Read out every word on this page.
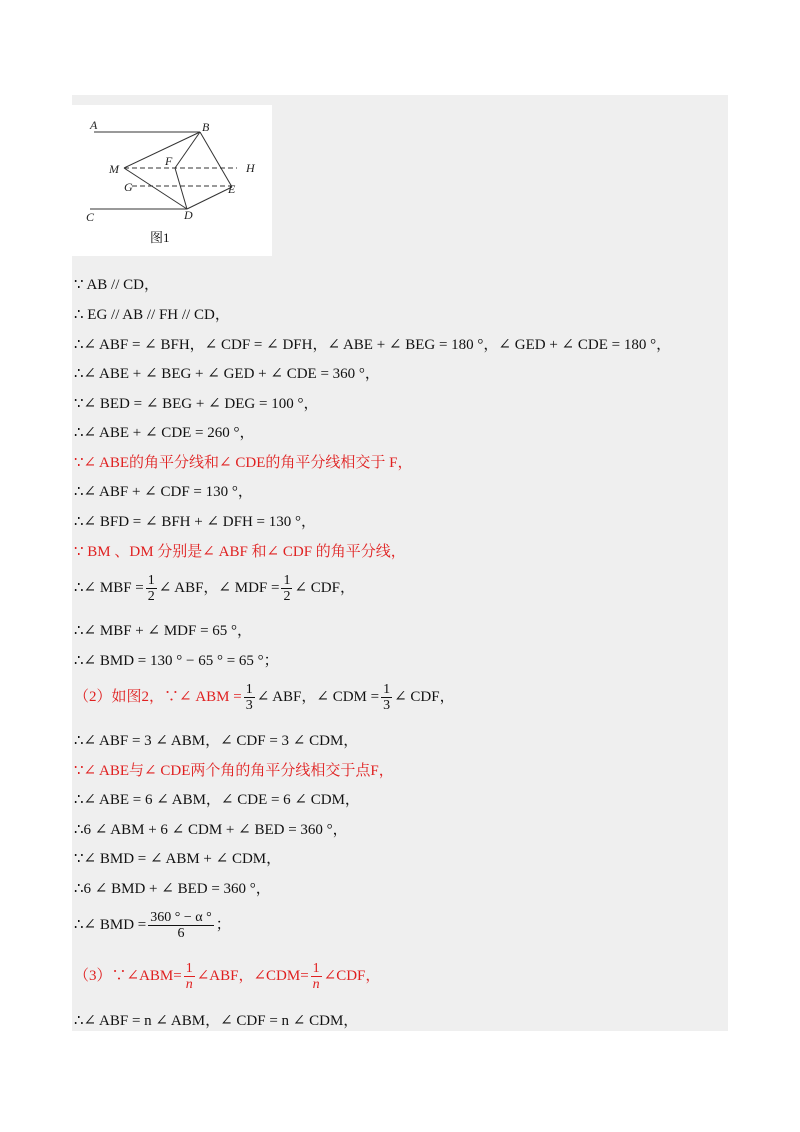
A	B
M
F	H
G	E
C	D
图1
∵ AB // CD，
∴ EG // AB // FH // CD，
∴∠ ABF = ∠ BFH，∠ CDF = ∠ DFH，∠ ABE + ∠ BEG = 180 °，∠ GED + ∠ CDE = 180 °，
∴∠ ABE + ∠ BEG + ∠ GED + ∠ CDE = 360 °，
∵∠ BED = ∠ BEG + ∠ DEG = 100 °，
∴∠ ABE + ∠ CDE = 260 °，
∵∠ ABE的角平分线和∠ CDE的角平分线相交于 F，
∴∠ ABF + ∠ CDF = 130 °，
∴∠ BFD = ∠ BFH + ∠ DFH = 130 °，
∵ BM 、DM 分别是∠ ABF 和∠ CDF 的角平分线，
∴∠ MBF = $\frac{1}{2}$ ∠ ABF，∠ MDF = $\frac{1}{2}$ ∠ CDF，
∴∠ MBF + ∠ MDF = 65 °，
∴∠ BMD = 130 ° − 65 ° = 65 °；
（2）如图2，∵∠ ABM = $\frac{1}{3}$ ∠ ABF，∠ CDM = $\frac{1}{3}$ ∠ CDF，
∴∠ ABF = 3 ∠ ABM，∠ CDF = 3 ∠ CDM，
∵∠ ABE与∠ CDE两个角的角平分线相交于点F，
∴∠ ABE = 6 ∠ ABM，∠ CDE = 6 ∠ CDM，
∴6 ∠ ABM + 6 ∠ CDM + ∠ BED = 360 °，
∵∠ BMD = ∠ ABM + ∠ CDM，
∴6 ∠ BMD + ∠ BED = 360 °，
∴∠ BMD = $\frac{360 ^\circ - \alpha ^\circ}{6}$ ；
（3）∵∠ABM= $\frac{1}{n}$ ∠ABF，∠CDM= $\frac{1}{n}$ ∠CDF，
∴∠ ABF = n ∠ ABM，∠ CDF = n ∠ CDM，
